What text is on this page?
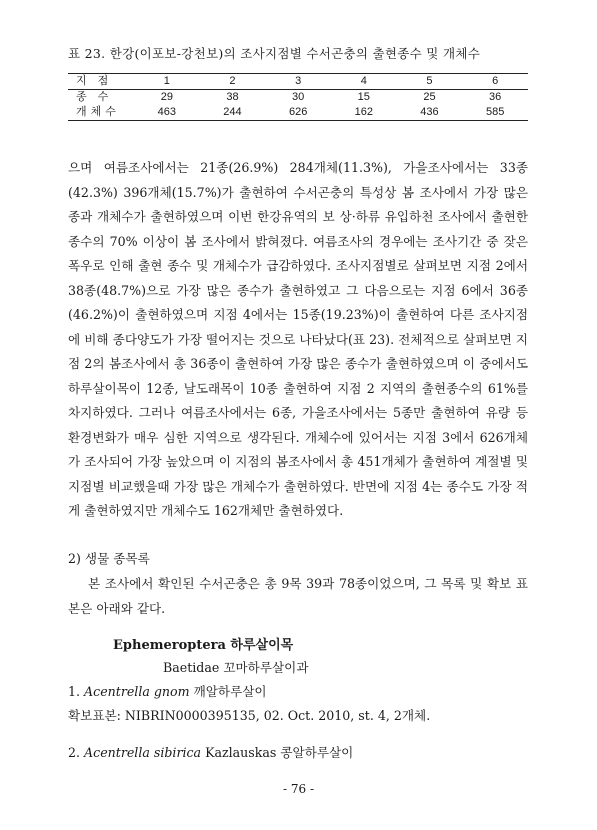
표 23. 한강(이포보-강천보)의 조사지점별 수서곤충의 출현종수 및 개체수
지 점	1	2	3	4	5	6
종 수	29	38	30	15	25	36
개체수	463	244	626	162	436	585

으며 여름조사에서는 21종(26.9%) 284개체(11.3%), 가을조사에서는 33종(42.3%) 396개체(15.7%)가 출현하여 수서곤충의 특성상 봄 조사에서 가장 많은 종과 개체수가 출현하였으며 이번 한강유역의 보 상·하류 유입하천 조사에서 출현한 종수의 70% 이상이 봄 조사에서 밝혀졌다. 여름조사의 경우에는 조사기간 중 잦은 폭우로 인해 출현 종수 및 개체수가 급감하였다. 조사지점별로 살펴보면 지점 2에서 38종(48.7%)으로 가장 많은 종수가 출현하였고 그 다음으로는 지점 6에서 36종(46.2%)이 출현하였으며 지점 4에서는 15종(19.23%)이 출현하여 다른 조사지점에 비해 종다양도가 가장 떨어지는 것으로 나타났다(표 23). 전체적으로 살펴보면 지점 2의 봄조사에서 총 36종이 출현하여 가장 많은 종수가 출현하였으며 이 중에서도 하루살이목이 12종, 날도래목이 10종 출현하여 지점 2 지역의 출현종수의 61%를 차지하였다. 그러나 여름조사에서는 6종, 가을조사에서는 5종만 출현하여 유량 등 환경변화가 매우 심한 지역으로 생각된다. 개체수에 있어서는 지점 3에서 626개체가 조사되어 가장 높았으며 이 지점의 봄조사에서 총 451개체가 출현하여 계절별 및 지점별 비교했을때 가장 많은 개체수가 출현하였다. 반면에 지점 4는 종수도 가장 적게 출현하였지만 개체수도 162개체만 출현하였다.

2) 생물 종목록
본 조사에서 확인된 수서곤충은 총 9목 39과 78종이었으며, 그 목록 및 확보 표본은 아래와 같다.
Ephemeroptera 하루살이목
Baetidae 꼬마하루살이과
1. Acentrella gnom 깨알하루살이
확보표본: NIBRIN0000395135, 02. Oct. 2010, st. 4, 2개체.
2. Acentrella sibirica Kazlauskas 콩알하루살이
- 76 -
